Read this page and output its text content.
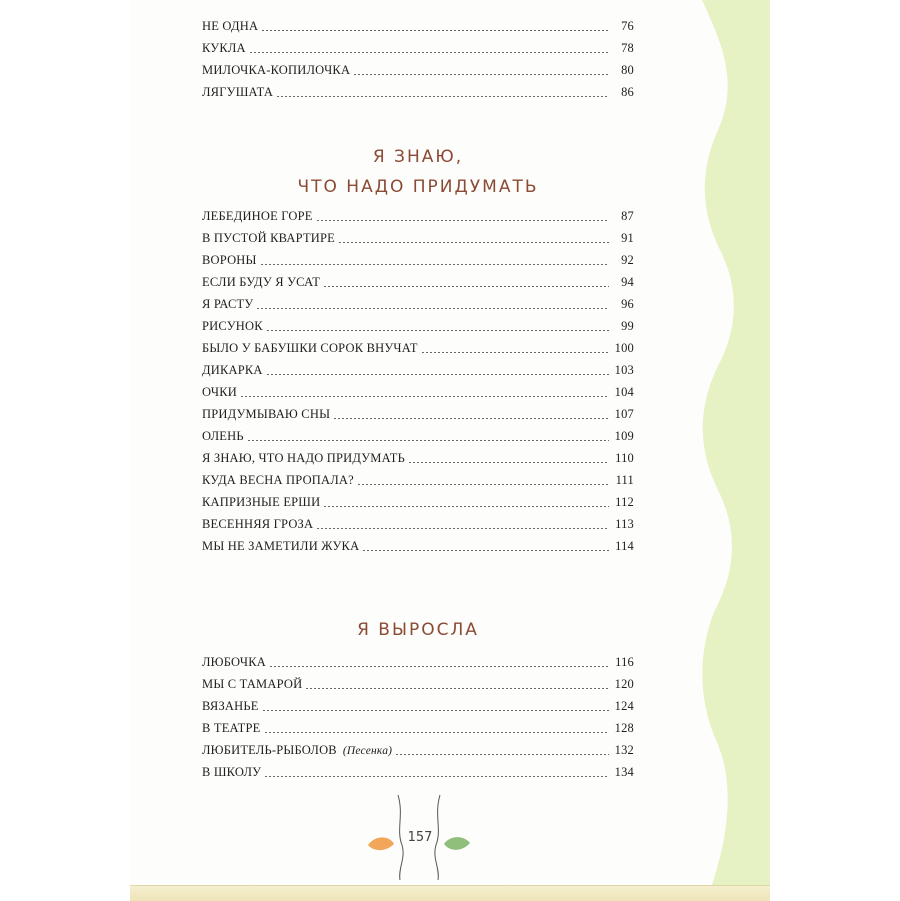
НЕ ОДНА	76
КУКЛА	78
МИЛОЧКА-КОПИЛОЧКА	80
ЛЯГУШАТА	86
Я ЗНАЮ,
ЧТО НАДО ПРИДУМАТЬ
ЛЕБЕДИНОЕ ГОРЕ	87
В ПУСТОЙ КВАРТИРЕ	91
ВОРОНЫ	92
ЕСЛИ БУДУ Я УСАТ	94
Я РАСТУ	96
РИСУНОК	99
БЫЛО У БАБУШКИ СОРОК ВНУЧАТ	100
ДИКАРКА	103
ОЧКИ	104
ПРИДУМЫВАЮ СНЫ	107
ОЛЕНЬ	109
Я ЗНАЮ, ЧТО НАДО ПРИДУМАТЬ	110
КУДА ВЕСНА ПРОПАЛА?	111
КАПРИЗНЫЕ ЕРШИ	112
ВЕСЕННЯЯ ГРОЗА	113
МЫ НЕ ЗАМЕТИЛИ ЖУКА	114
Я ВЫРОСЛА
ЛЮБОЧКА	116
МЫ С ТАМАРОЙ	120
ВЯЗАНЬЕ	124
В ТЕАТРЕ	128
ЛЮБИТЕЛЬ-РЫБОЛОВ (Песенка)	132
В ШКОЛУ	134
157
